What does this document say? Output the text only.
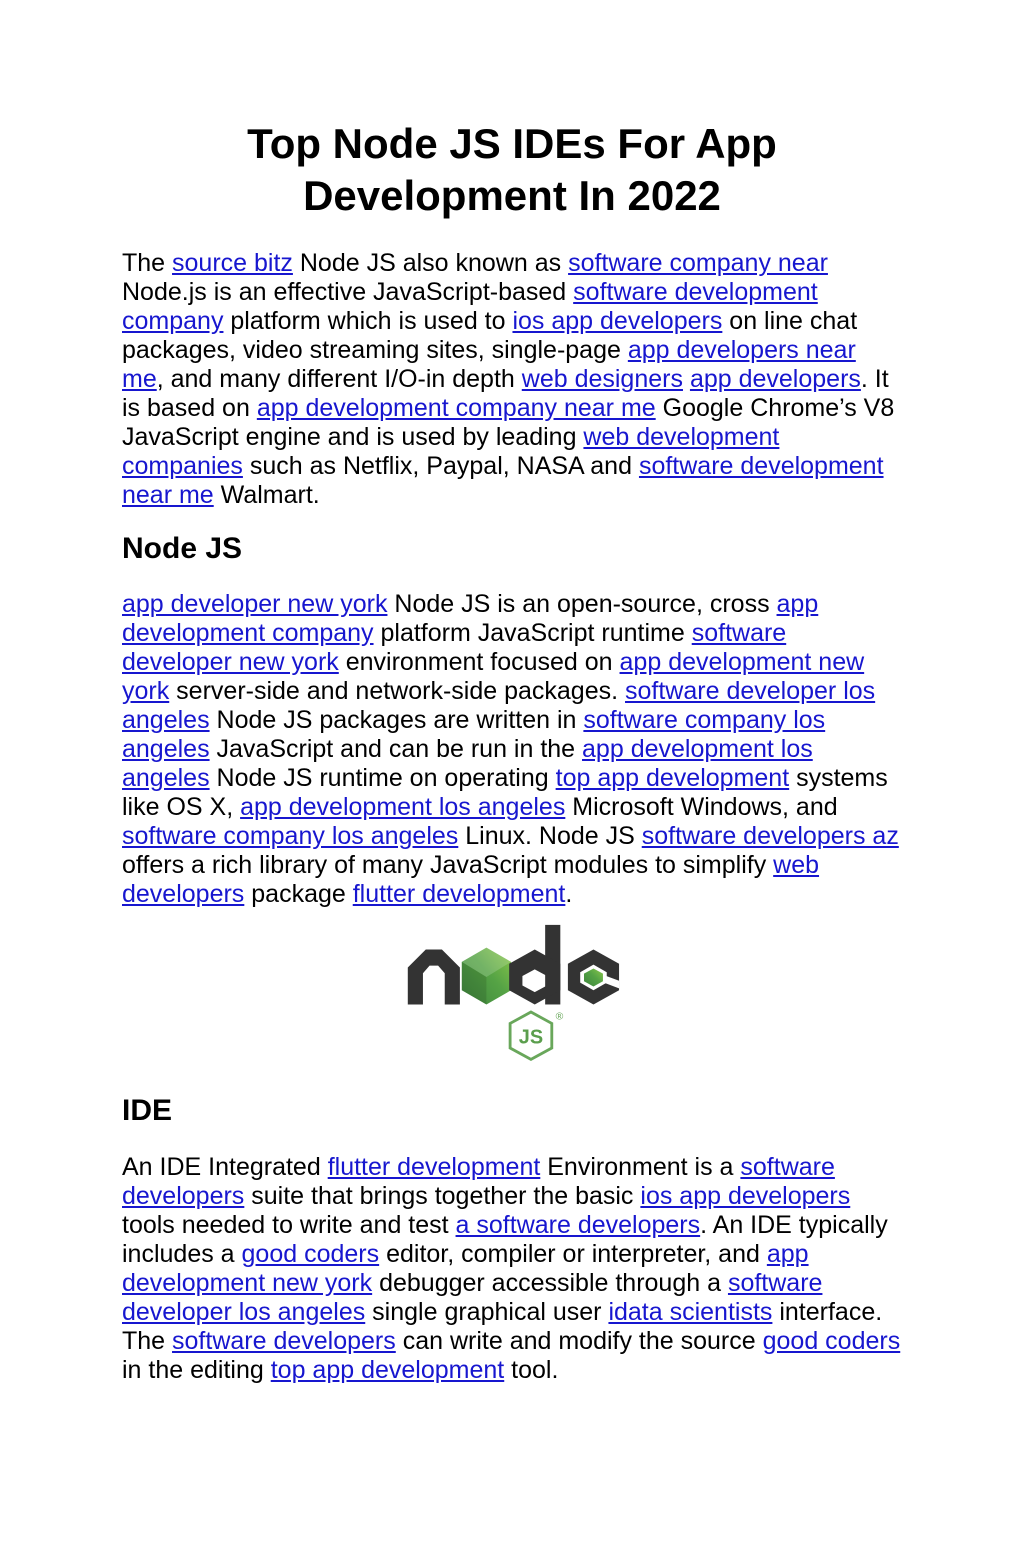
Top Node JS IDEs For App
Development In 2022
The source bitz Node JS also known as software company near Node.js is an effective JavaScript-based software development company platform which is used to ios app developers on line chat packages, video streaming sites, single-page app developers near me, and many different I/O-in depth web designers app developers. It is based on app development company near me Google Chrome’s V8 JavaScript engine and is used by leading web development companies such as Netflix, Paypal, NASA and software development near me Walmart.
Node JS
app developer new york Node JS is an open-source, cross app development company platform JavaScript runtime software developer new york environment focused on app development new york server-side and network-side packages. software developer los angeles Node JS packages are written in software company los angeles JavaScript and can be run in the app development los angeles Node JS runtime on operating top app development systems like OS X, app development los angeles Microsoft Windows, and software company los angeles Linux. Node JS software developers az offers a rich library of many JavaScript modules to simplify web developers package flutter development.
JS
®
IDE
An IDE Integrated flutter development Environment is a software developers suite that brings together the basic ios app developers tools needed to write and test a software developers. An IDE typically includes a good coders editor, compiler or interpreter, and app development new york debugger accessible through a software developer los angeles single graphical user idata scientists interface. The software developers can write and modify the source good coders in the editing top app development tool.
